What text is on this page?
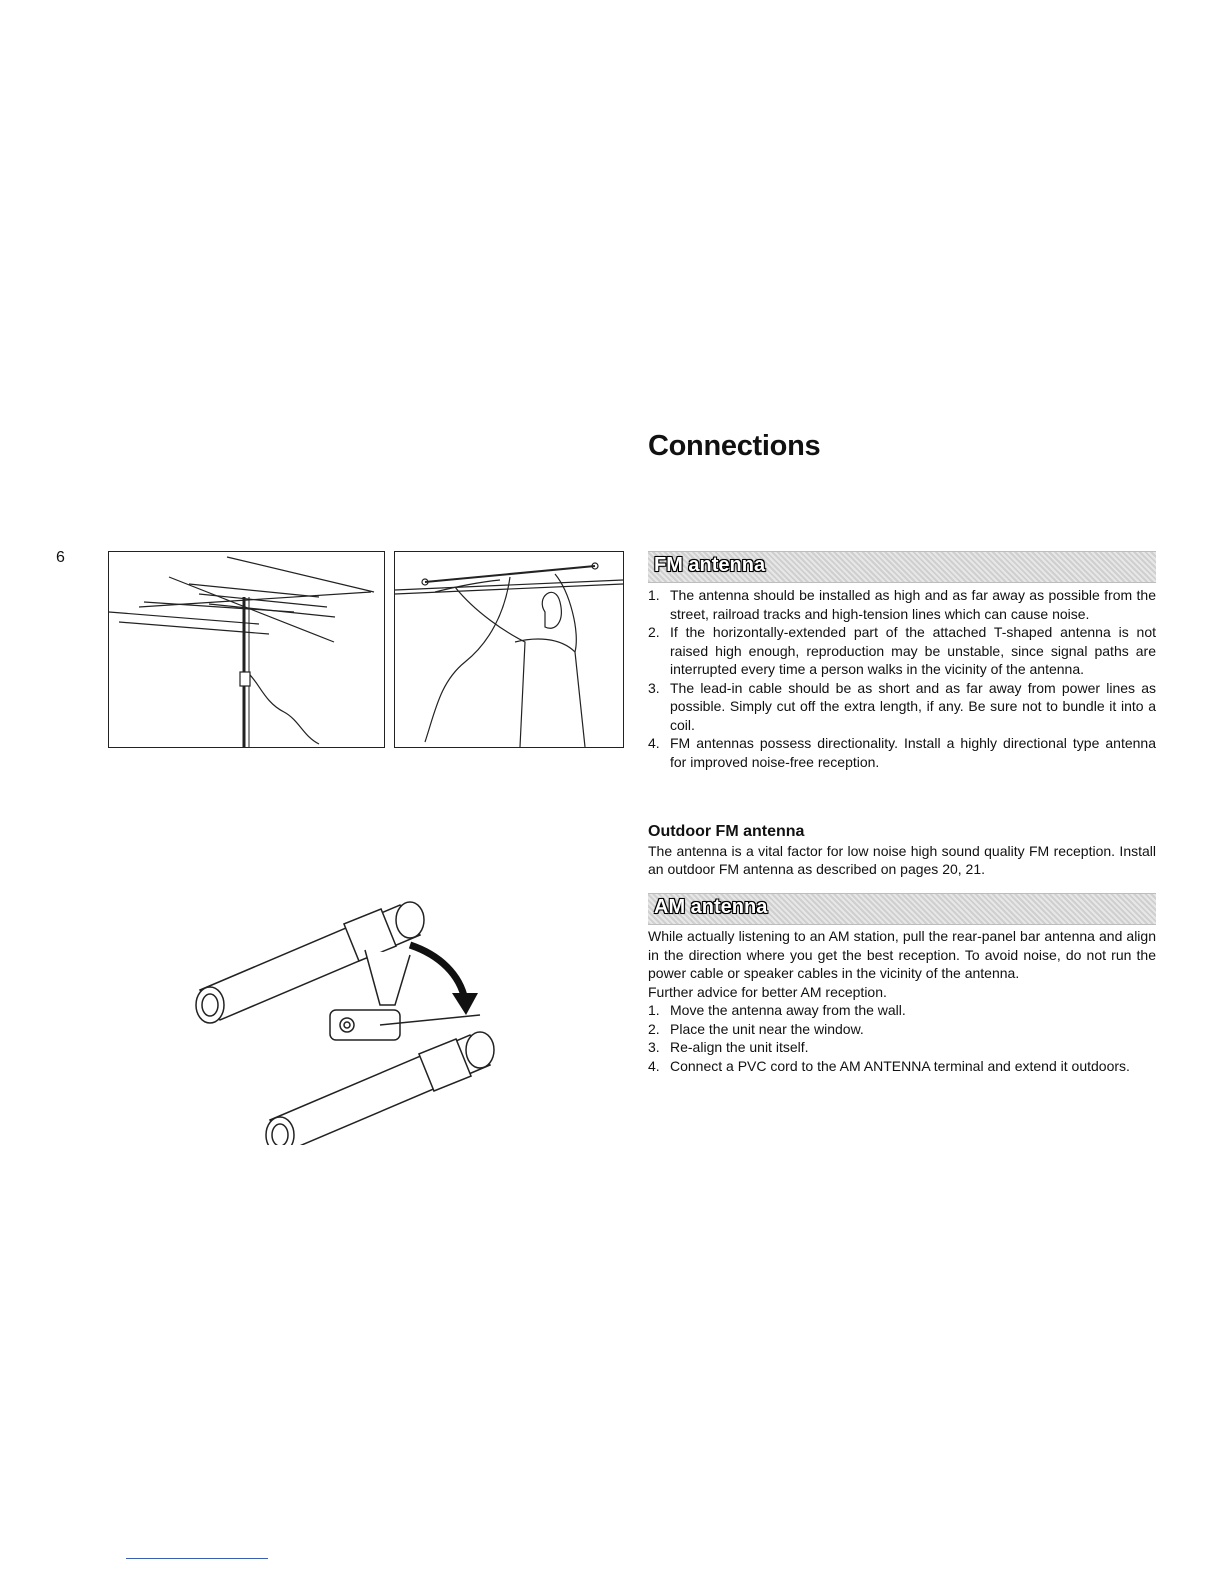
6
Connections
FM antenna
1. The antenna should be installed as high and as far away as possible from the street, railroad tracks and high-tension lines which can cause noise.
2. If the horizontally-extended part of the attached T-shaped antenna is not raised high enough, reproduction may be unstable, since signal paths are interrupted every time a person walks in the vicinity of the antenna.
3. The lead-in cable should be as short and as far away from power lines as possible. Simply cut off the extra length, if any. Be sure not to bundle it into a coil.
4. FM antennas possess directionality. Install a highly directional type antenna for improved noise-free reception.
Outdoor FM antenna

The antenna is a vital factor for low noise high sound quality FM reception. Install an outdoor FM antenna as described on pages 20, 21.

AM antenna

While actually listening to an AM station, pull the rear-panel bar antenna and align in the direction where you get the best reception. To avoid noise, do not run the power cable or speaker cables in the vicinity of the antenna.

Further advice for better AM reception.

1. Move the antenna away from the wall.
2. Place the unit near the window.
3. Re-align the unit itself.
4. Connect a PVC cord to the AM ANTENNA terminal and extend it outdoors.
